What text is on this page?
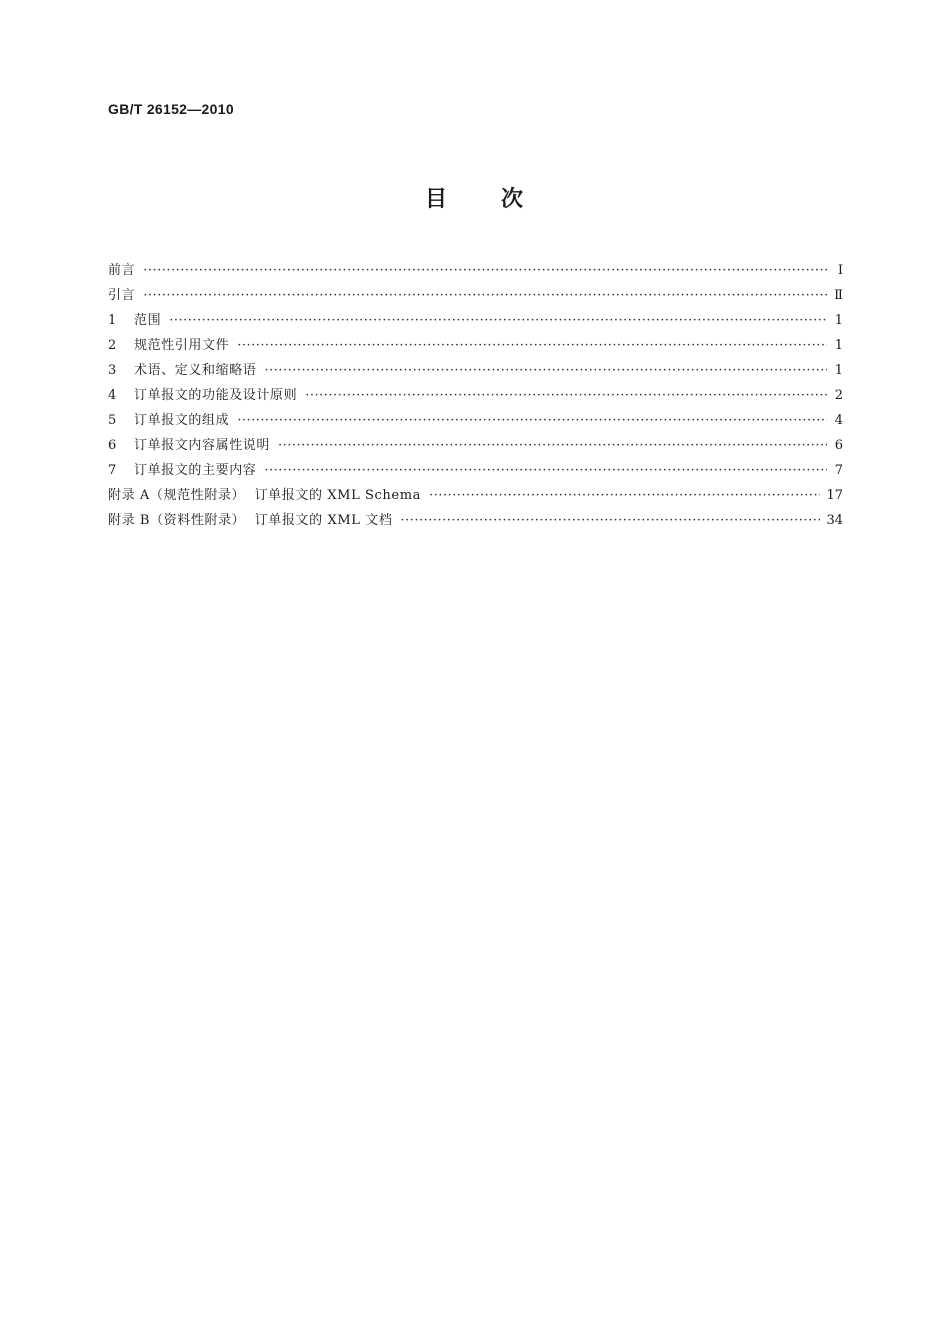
GB/T 26152—2010
目 次
前言 ·····	Ⅰ
引言 ·····	Ⅱ
1	范围 ·····	1
2	规范性引用文件 ·····	1
3	术语、定义和缩略语 ·····	1
4	订单报文的功能及设计原则 ·····	2
5	订单报文的组成 ·····	4
6	订单报文内容属性说明 ·····	6
7	订单报文的主要内容 ·····	7
附录 A（规范性附录）  订单报文的 XML Schema ·····	17
附录 B（资料性附录）  订单报文的 XML 文档 ·····	34
